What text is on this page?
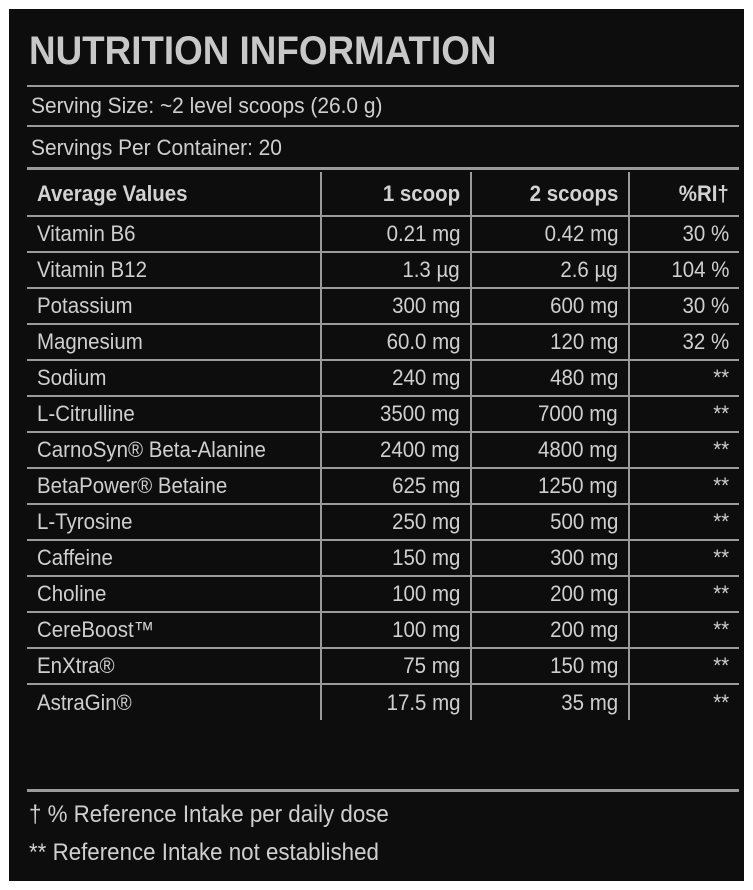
NUTRITION INFORMATION
Serving Size: ~2 level scoops (26.0 g)
Servings Per Container: 20
Average Values	1 scoop	2 scoops	%RI†
Vitamin B6	0.21 mg	0.42 mg	30 %
Vitamin B12	1.3 µg	2.6 µg	104 %
Potassium	300 mg	600 mg	30 %
Magnesium	60.0 mg	120 mg	32 %
Sodium	240 mg	480 mg	**
L-Citrulline	3500 mg	7000 mg	**
CarnoSyn® Beta-Alanine	2400 mg	4800 mg	**
BetaPower® Betaine	625 mg	1250 mg	**
L-Tyrosine	250 mg	500 mg	**
Caffeine	150 mg	300 mg	**
Choline	100 mg	200 mg	**
CereBoost™	100 mg	200 mg	**
EnXtra®	75 mg	150 mg	**
AstraGin®	17.5 mg	35 mg	**
† % Reference Intake per daily dose
** Reference Intake not established
